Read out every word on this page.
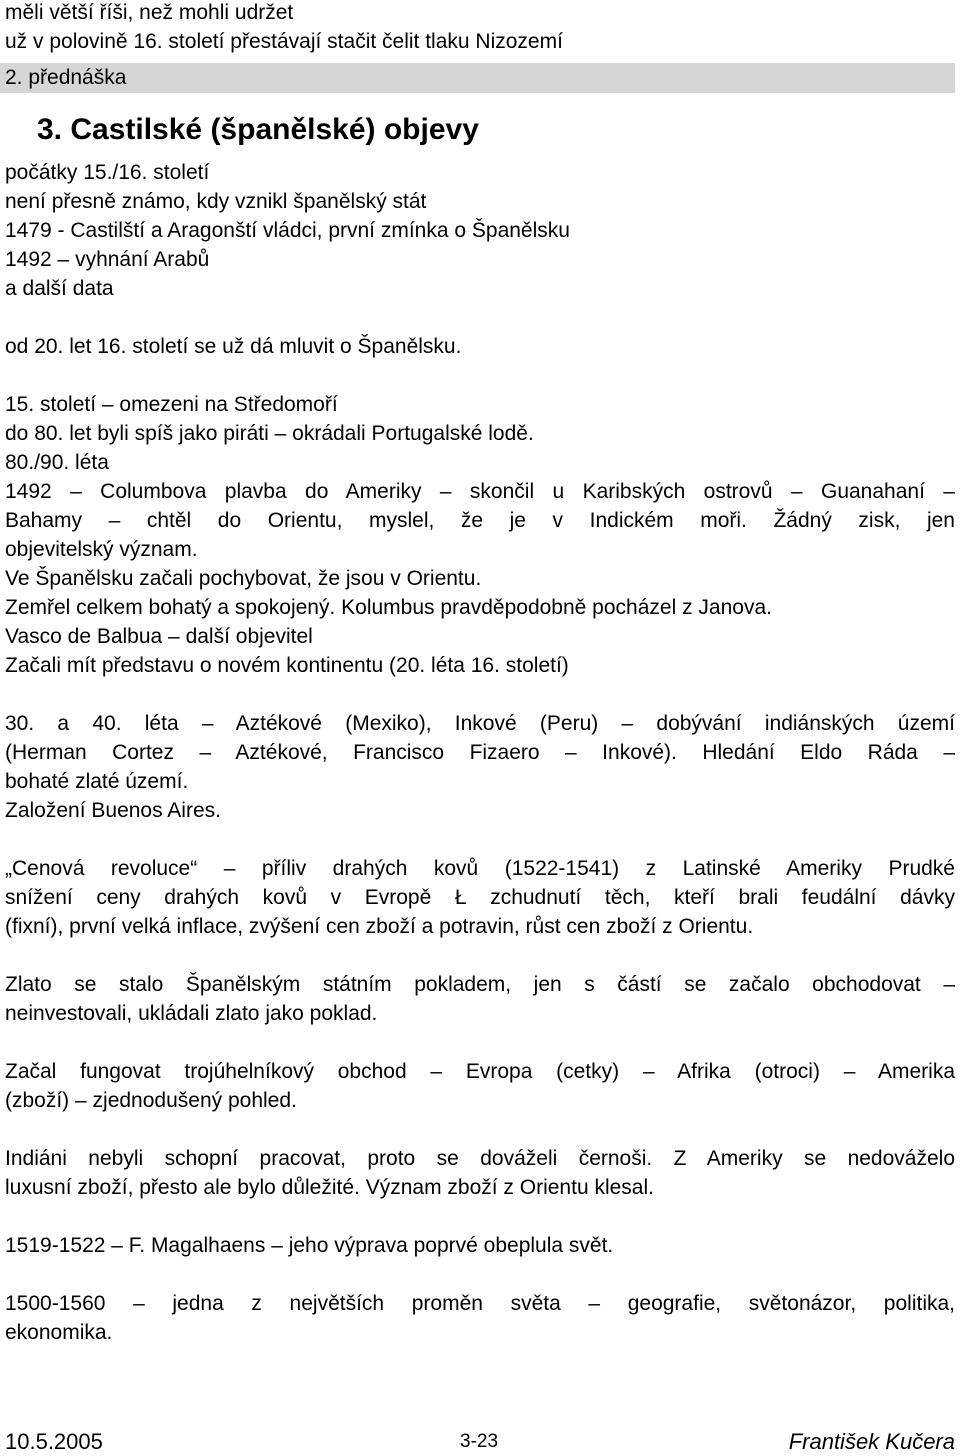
měli větší říši, než mohli udržet
už v polovině 16. století přestávají stačit čelit tlaku Nizozemí
2. přednáška
3. Castilské (španělské) objevy
počátky 15./16. století
není přesně známo, kdy vznikl španělský stát
1479 - Castilští a Aragonští vládci, první zmínka o Španělsku
1492 – vyhnání Arabů
a další data
od 20. let 16. století se už dá mluvit o Španělsku.
15. století – omezeni na Středomoří
do 80. let byli spíš jako piráti – okrádali Portugalské lodě.
80./90. léta
1492 – Columbova plavba do Ameriky – skončil u Karibských ostrovů – Guanahaní –
Bahamy – chtěl do Orientu, myslel, že je v Indickém moři. Žádný zisk, jen
objevitelský význam.
Ve Španělsku začali pochybovat, že jsou v Orientu.
Zemřel celkem bohatý a spokojený. Kolumbus pravděpodobně pocházel z Janova.
Vasco de Balbua – další objevitel
Začali mít představu o novém kontinentu (20. léta 16. století)
30. a 40. léta – Aztékové (Mexiko), Inkové (Peru) – dobývání indiánských území
(Herman Cortez – Aztékové, Francisco Fizaero – Inkové). Hledání Eldo Ráda –
bohaté zlaté území.
Založení Buenos Aires.
„Cenová revoluce“ – příliv drahých kovů (1522-1541) z Latinské Ameriky Prudké
snížení ceny drahých kovů v Evropě Ł zchudnutí těch, kteří brali feudální dávky
(fixní), první velká inflace, zvýšení cen zboží a potravin, růst cen zboží z Orientu.
Zlato se stalo Španělským státním pokladem, jen s částí se začalo obchodovat –
neinvestovali, ukládali zlato jako poklad.
Začal fungovat trojúhelníkový obchod – Evropa (cetky) – Afrika (otroci) – Amerika
(zboží) – zjednodušený pohled.
Indiáni nebyli schopní pracovat, proto se dováželi černoši. Z Ameriky se nedováželo
luxusní zboží, přesto ale bylo důležité. Význam zboží z Orientu klesal.
1519-1522 – F. Magalhaens – jeho výprava poprvé obeplula svět.
1500-1560 – jedna z největších proměn světa – geografie, světonázor, politika,
ekonomika.
10.5.2005	3-23	František Kučera
